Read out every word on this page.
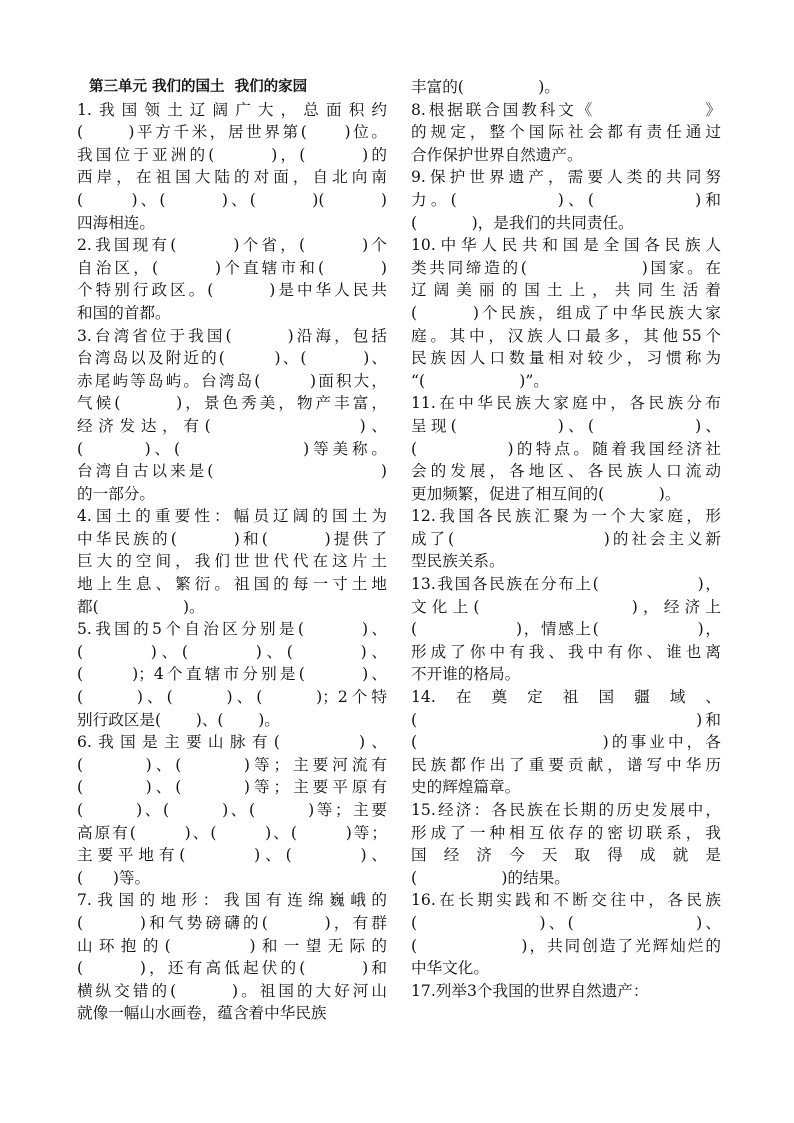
第三单元 我们的国土  我们的家园
1.我国领土辽阔广大，总面积约
(      )平方千米，居世界第(     )位。
我国位于亚洲的(       )，(       )的
西岸，在祖国大陆的对面，自北向南
(      )、(       )、(       )(       )
四海相连。
2.我国现有(       )个省，(       )个
自治区，(       )个直辖市和(       )
个特别行政区。(       )是中华人民共
和国的首都。
3.台湾省位于我国(       )沿海，包括
台湾岛以及附近的(       )、(        )、
赤尾屿等岛屿。台湾岛(       )面积大，
气候(       )，景色秀美，物产丰富，
经济发达，有(              )、
(       )、(              )等美称。
台湾自古以来是(                     )
的一部分。
4.国土的重要性：幅员辽阔的国土为
中华民族的(       )和(       )提供了
巨大的空间，我们世世代代在这片土
地上生息、繁衍。祖国的每一寸土地
都(                 )。
5.我国的5个自治区分别是(       )、
(       )、(       )、(       )、
(      )；4个直辖市分别是(       )、
(      )、(      )、(      )；2个特
别行政区是(       )、(       )。
6.我国是主要山脉有(       )、
(       )、(       )等；主要河流有
(       )、(       )等；主要平原有
(       )、(       )、(       )等；主要
高原有(       )、(       )、(       )等；
主要平地有(       )、(       )、
(      )等。
7.我国的地形：我国有连绵巍峨的
(       )和气势磅礴的(       )，有群
山环抱的(       )和一望无际的
(       )，还有高低起伏的(       )和
横纵交错的(       )。祖国的大好河山
就像一幅山水画卷，蕴含着中华民族
丰富的(               )。
8.根据联合国教科文《              》
的规定，整个国际社会都有责任通过
合作保护世界自然遗产。
9.保护世界遗产，需要人类的共同努
力。(           )、(           )和
(           )，是我们的共同责任。
10.中华人民共和国是全国各民族人
类共同缔造的(               )国家。在
辽阔美丽的国土上，共同生活着
(       )个民族，组成了中华民族大家
庭。其中，汉族人口最多，其他55个
民族因人口数量相对较少，习惯称为
“(                   )”。
11.在中华民族大家庭中，各民族分布
呈现(           )、(           )、
(           )的特点。随着我国经济社
会的发展，各地区、各民族人口流动
更加频繁，促进了相互间的(           )。
12.我国各民族汇聚为一个大家庭，形
成了(                   )的社会主义新
型民族关系。
13.我国各民族在分布上(               )，
文化上(               )，经济上
(               )，情感上(               )，
形成了你中有我、我中有你、谁也离
不开谁的格局。
14.在奠定祖国疆域、
(                                  )和
(                       )的事业中，各
民族都作出了重要贡献，谱写中华历
史的辉煌篇章。
15.经济：各民族在长期的历史发展中，
形成了一种相互依存的密切联系，我
国经济今天取得成就是
(                 )的结果。
16.在长期实践和不断交往中，各民族
(               )、(               )、
(               )，共同创造了光辉灿烂的
中华文化。
17.列举3个我国的世界自然遗产：
